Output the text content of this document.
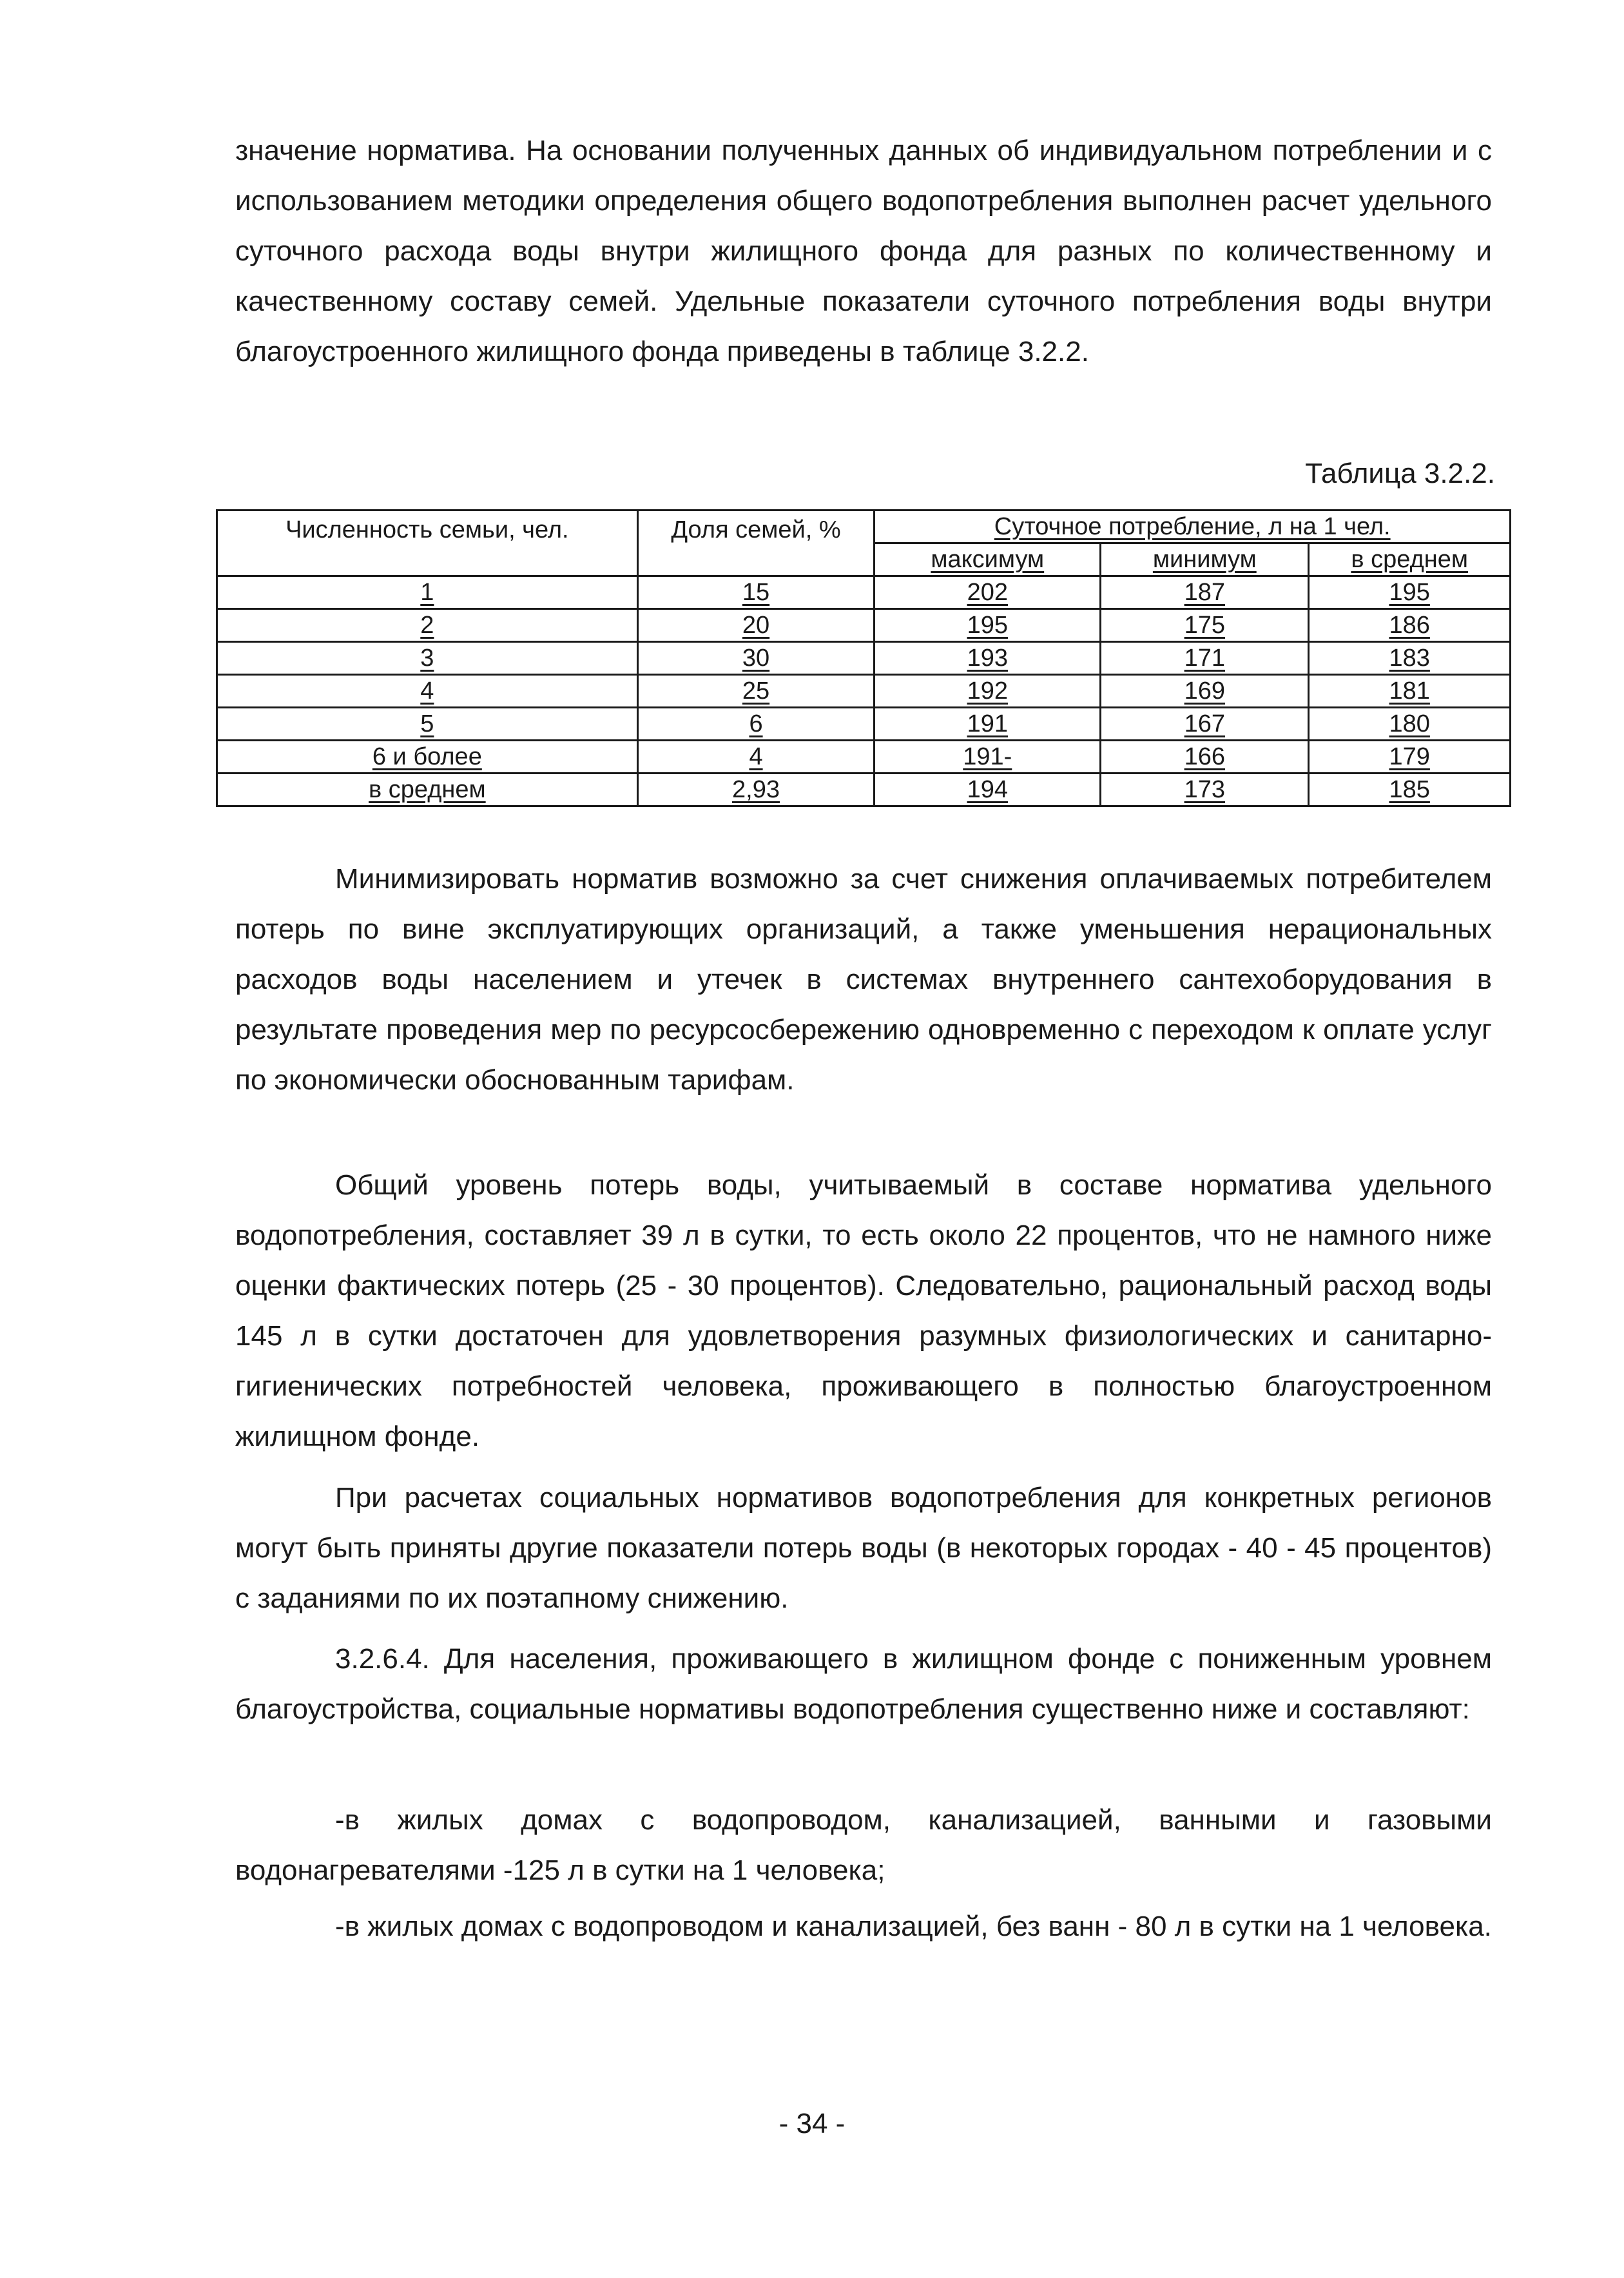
значение норматива. На основании полученных данных об индивидуальном потреблении и с использованием методики определения общего водопотребления выполнен расчет удельного суточного расхода воды внутри жилищного фонда для разных по количественному и качественному составу семей. Удельные показатели суточного потребления воды внутри благоустроенного жилищного фонда приведены в таблице 3.2.2.

Таблица 3.2.2.
Численность семьи, чел.	Доля семей, %	Суточное потребление, л на 1 чел.		
		максимум	минимум	в среднем
1	15	202	187	195
2	20	195	175	186
3	30	193	171	183
4	25	192	169	181
5	6	191	167	180
6 и более	4	191-	166	179
в среднем	2,93	194	173	185

Минимизировать норматив возможно за счет снижения оплачиваемых потребителем потерь по вине эксплуатирующих организаций, а также уменьшения нерациональных расходов воды населением и утечек в системах внутреннего сантехоборудования в результате проведения мер по ресурсосбережению одновременно с переходом к оплате услуг по экономически обоснованным тарифам.

Общий уровень потерь воды, учитываемый в составе норматива удельного водопотребления, составляет 39 л в сутки, то есть около 22 процентов, что не намного ниже оценки фактических потерь (25 - 30 процентов). Следовательно, рациональный расход воды 145 л в сутки достаточен для удовлетворения разумных физиологических и санитарно-гигиенических потребностей человека, проживающего в полностью благоустроенном жилищном фонде.

При расчетах социальных нормативов водопотребления для конкретных регионов могут быть приняты другие показатели потерь воды (в некоторых городах - 40 - 45 процентов) с заданиями по их поэтапному снижению.

3.2.6.4. Для населения, проживающего в жилищном фонде с пониженным уровнем благоустройства, социальные нормативы водопотребления существенно ниже и составляют:

-в жилых домах с водопроводом, канализацией, ванными и газовыми водонагревателями -125 л в сутки на 1 человека;

-в жилых домах с водопроводом и канализацией, без ванн - 80 л в сутки на 1 человека.

- 34 -
